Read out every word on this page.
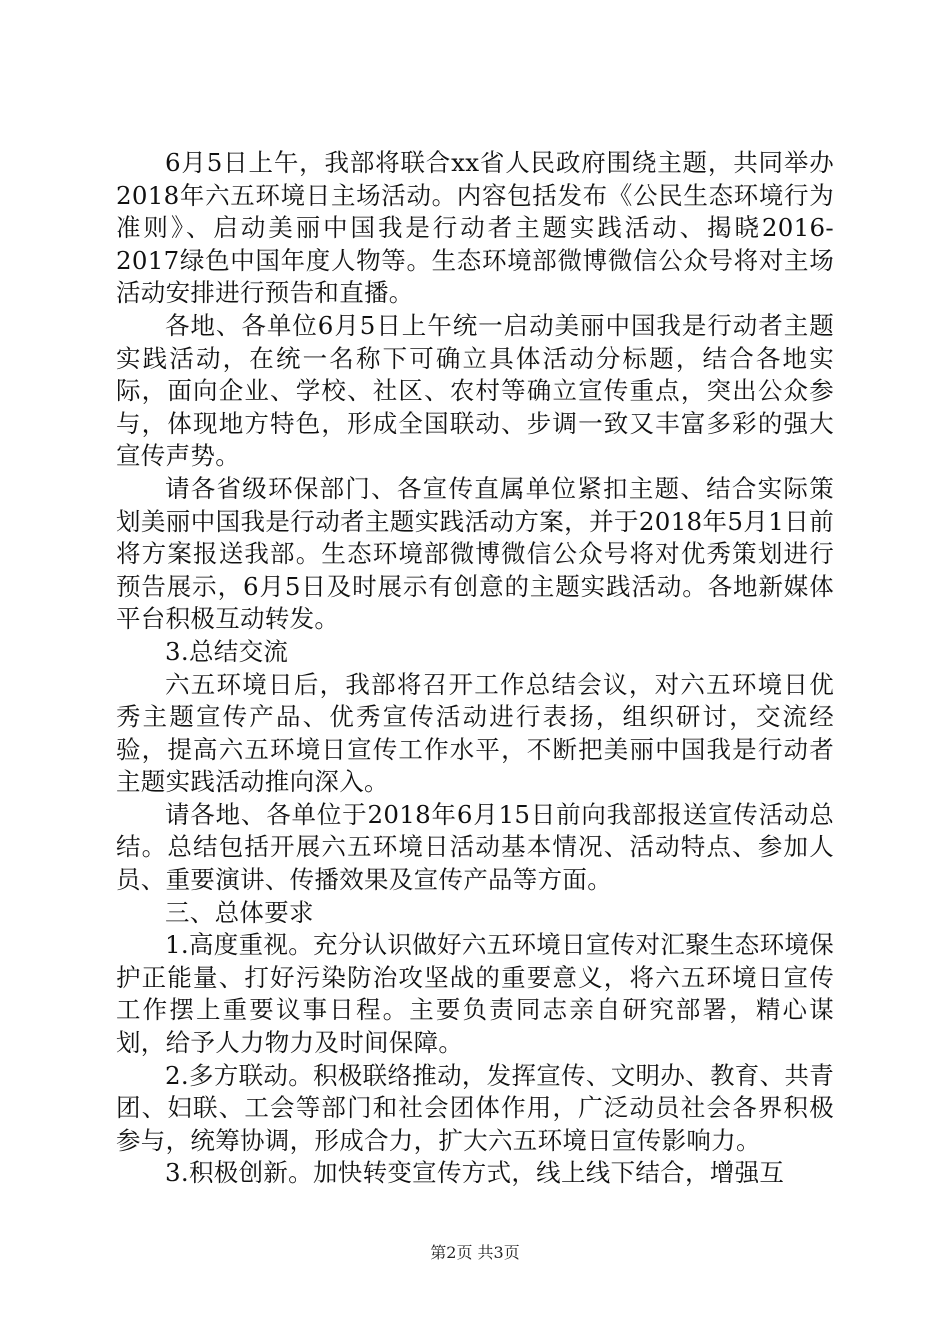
6月5日上午，我部将联合xx省人民政府围绕主题，共同举办2018年六五环境日主场活动。内容包括发布《公民生态环境行为准则》、启动美丽中国我是行动者主题实践活动、揭晓2016-2017绿色中国年度人物等。生态环境部微博微信公众号将对主场活动安排进行预告和直播。

各地、各单位6月5日上午统一启动美丽中国我是行动者主题实践活动，在统一名称下可确立具体活动分标题，结合各地实际，面向企业、学校、社区、农村等确立宣传重点，突出公众参与，体现地方特色，形成全国联动、步调一致又丰富多彩的强大宣传声势。

请各省级环保部门、各宣传直属单位紧扣主题、结合实际策划美丽中国我是行动者主题实践活动方案，并于2018年5月1日前将方案报送我部。生态环境部微博微信公众号将对优秀策划进行预告展示，6月5日及时展示有创意的主题实践活动。各地新媒体平台积极互动转发。

3.总结交流

六五环境日后，我部将召开工作总结会议，对六五环境日优秀主题宣传产品、优秀宣传活动进行表扬，组织研讨，交流经验，提高六五环境日宣传工作水平，不断把美丽中国我是行动者主题实践活动推向深入。

请各地、各单位于2018年6月15日前向我部报送宣传活动总结。总结包括开展六五环境日活动基本情况、活动特点、参加人员、重要演讲、传播效果及宣传产品等方面。

三、总体要求

1.高度重视。充分认识做好六五环境日宣传对汇聚生态环境保护正能量、打好污染防治攻坚战的重要意义，将六五环境日宣传工作摆上重要议事日程。主要负责同志亲自研究部署，精心谋划，给予人力物力及时间保障。

2.多方联动。积极联络推动，发挥宣传、文明办、教育、共青团、妇联、工会等部门和社会团体作用，广泛动员社会各界积极参与，统筹协调，形成合力，扩大六五环境日宣传影响力。

3.积极创新。加快转变宣传方式，线上线下结合，增强互

第2页 共3页
